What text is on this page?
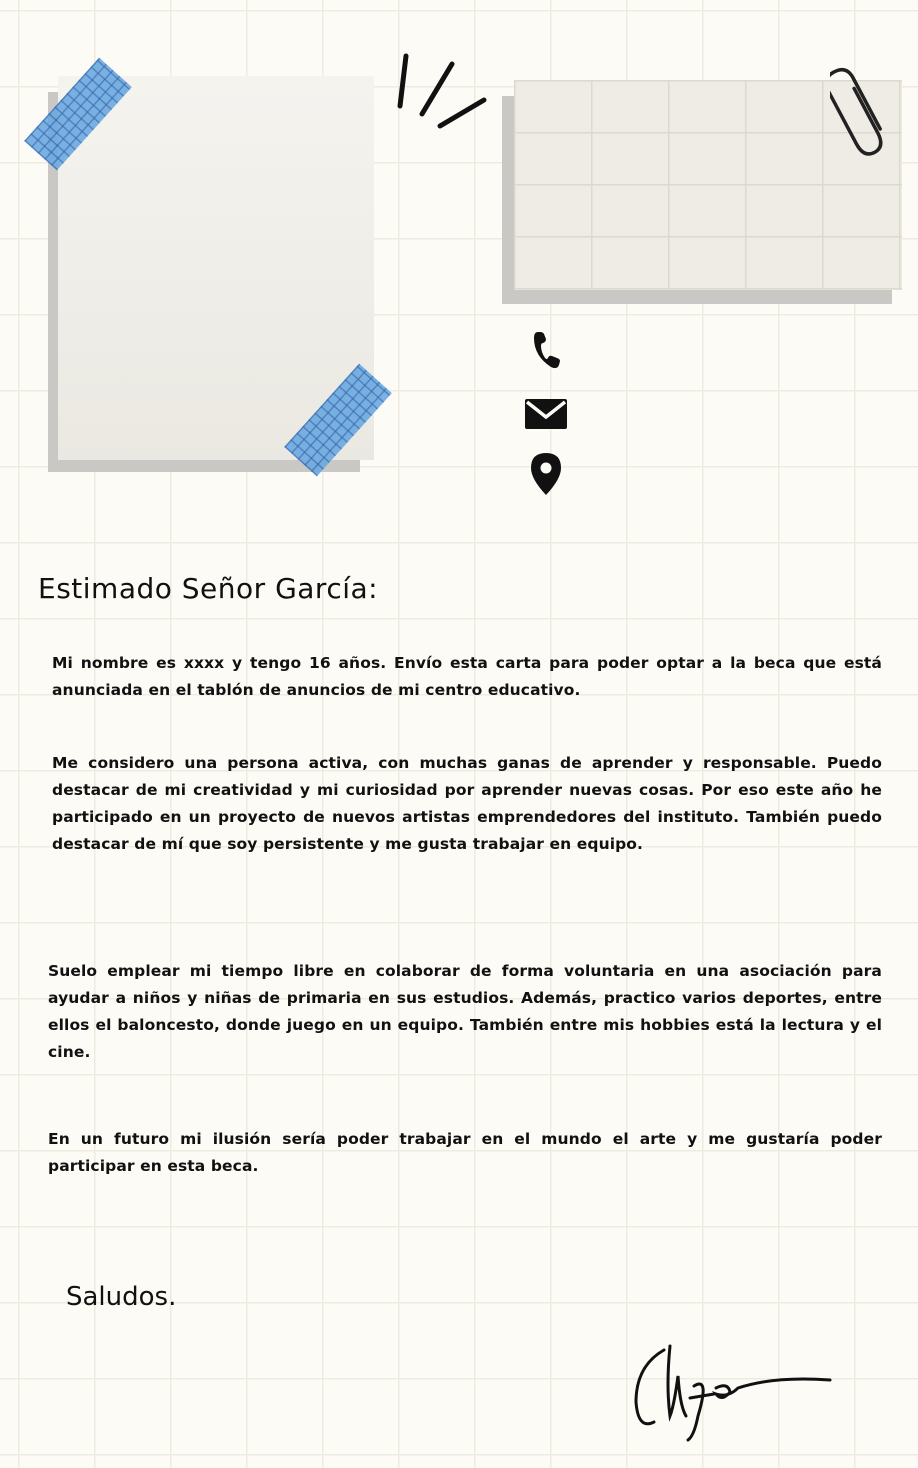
Estimado Señor García:

Mi nombre es xxxx y tengo 16 años. Envío esta carta para poder optar a la beca que está anunciada en el tablón de anuncios de mi centro educativo.

Me considero una persona activa, con muchas ganas de aprender y responsable. Puedo destacar de mi creatividad y mi curiosidad por aprender nuevas cosas. Por eso este año he participado en un proyecto de nuevos artistas emprendedores del instituto. También puedo destacar de mí que soy persistente y me gusta trabajar en equipo.

Suelo emplear mi tiempo libre en colaborar de forma voluntaria en una asociación para ayudar a niños y niñas de primaria en sus estudios. Además, practico varios deportes, entre ellos el baloncesto, donde juego en un equipo. También entre mis hobbies está la lectura y el cine.

En un futuro mi ilusión sería poder trabajar en el mundo el arte y me gustaría poder participar en esta beca.

Saludos.
